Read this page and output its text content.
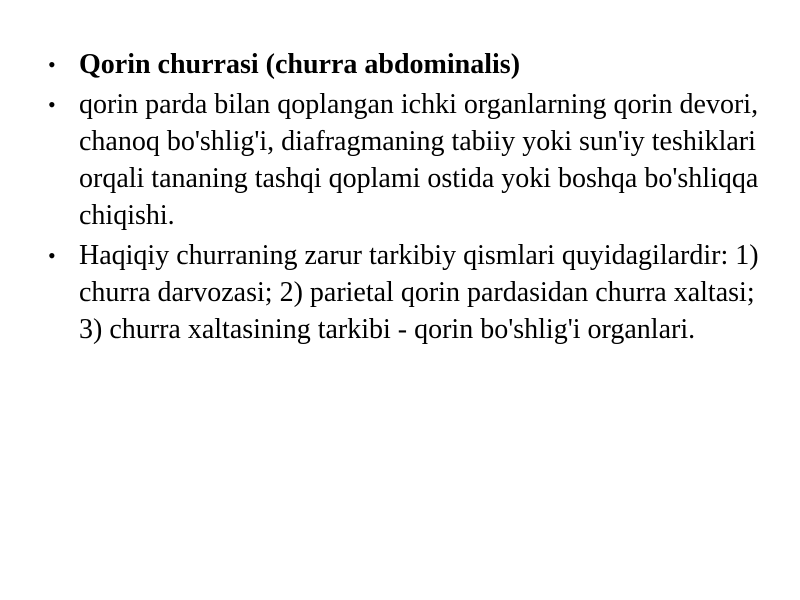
• Qorin churrasi (churra abdominalis)
• qorin parda bilan qoplangan ichki organlarning qorin devori, chanoq bo'shlig'i, diafragmaning tabiiy yoki sun'iy teshiklari orqali tananing tashqi qoplami ostida yoki boshqa bo'shliqqa chiqishi.
• Haqiqiy churraning zarur tarkibiy qismlari quyidagilardir: 1) churra darvozasi; 2) parietal qorin pardasidan churra xaltasi; 3) churra xaltasining tarkibi - qorin bo'shlig'i organlari.
